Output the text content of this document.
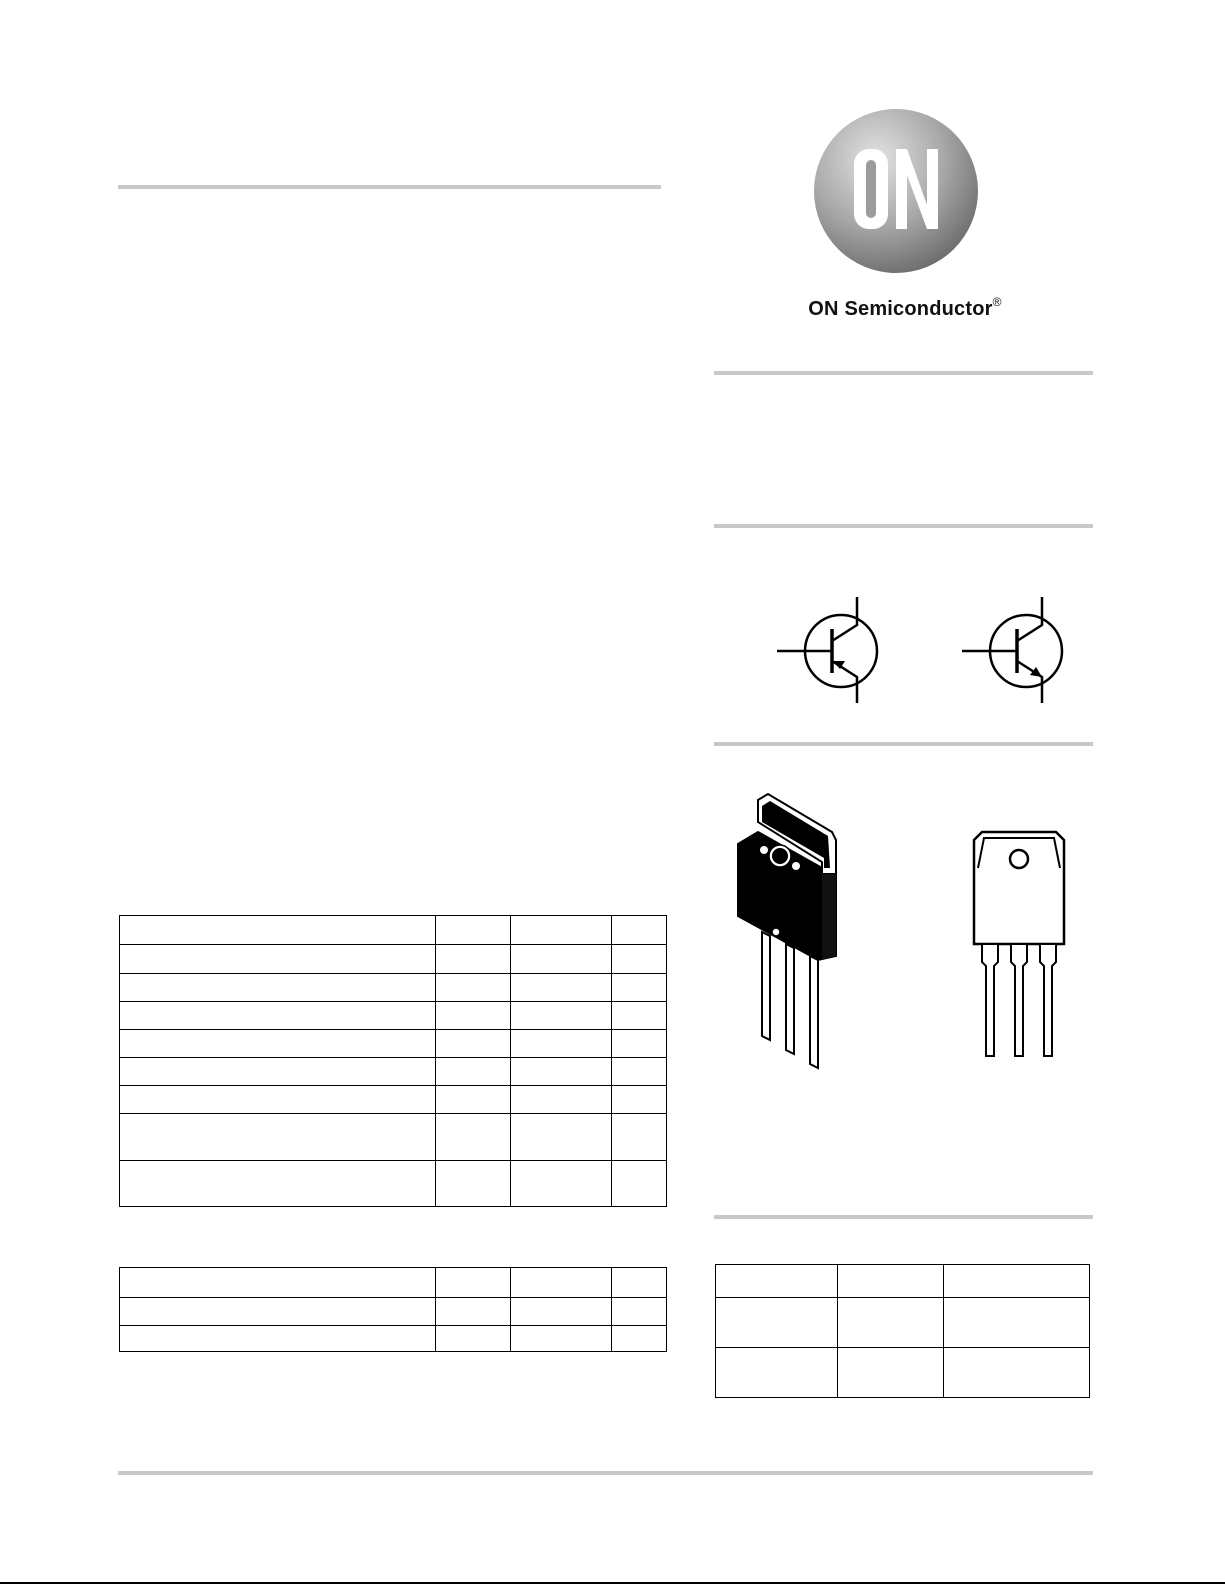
ON Semiconductor®
